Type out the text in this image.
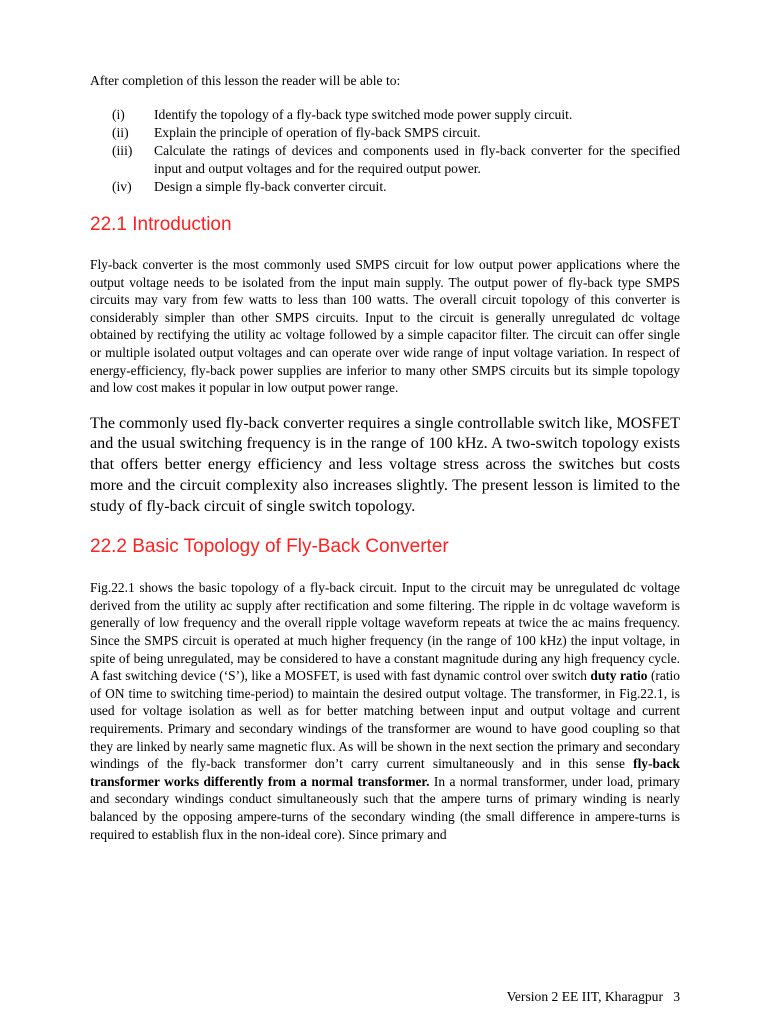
After completion of this lesson the reader will be able to:

(i)	Identify the topology of a fly-back type switched mode power supply circuit.
(ii)	Explain the principle of operation of fly-back SMPS circuit.
(iii)	Calculate the ratings of devices and components used in fly-back converter for the specified input and output voltages and for the required output power.
(iv)	Design a simple fly-back converter circuit.
22.1 Introduction

Fly-back converter is the most commonly used SMPS circuit for low output power applications where the output voltage needs to be isolated from the input main supply. The output power of fly-back type SMPS circuits may vary from few watts to less than 100 watts. The overall circuit topology of this converter is considerably simpler than other SMPS circuits. Input to the circuit is generally unregulated dc voltage obtained by rectifying the utility ac voltage followed by a simple capacitor filter. The circuit can offer single or multiple isolated output voltages and can operate over wide range of input voltage variation. In respect of energy-efficiency, fly-back power supplies are inferior to many other SMPS circuits but its simple topology and low cost makes it popular in low output power range.

The commonly used fly-back converter requires a single controllable switch like, MOSFET and the usual switching frequency is in the range of 100 kHz. A two-switch topology exists that offers better energy efficiency and less voltage stress across the switches but costs more and the circuit complexity also increases slightly. The present lesson is limited to the study of fly-back circuit of single switch topology.

22.2 Basic Topology of Fly-Back Converter

Fig.22.1 shows the basic topology of a fly-back circuit. Input to the circuit may be unregulated dc voltage derived from the utility ac supply after rectification and some filtering. The ripple in dc voltage waveform is generally of low frequency and the overall ripple voltage waveform repeats at twice the ac mains frequency. Since the SMPS circuit is operated at much higher frequency (in the range of 100 kHz) the input voltage, in spite of being unregulated, may be considered to have a constant magnitude during any high frequency cycle. A fast switching device (‘S’), like a MOSFET, is used with fast dynamic control over switch duty ratio (ratio of ON time to switching time-period) to maintain the desired output voltage. The transformer, in Fig.22.1, is used for voltage isolation as well as for better matching between input and output voltage and current requirements. Primary and secondary windings of the transformer are wound to have good coupling so that they are linked by nearly same magnetic flux. As will be shown in the next section the primary and secondary windings of the fly-back transformer don’t carry current simultaneously and in this sense fly-back transformer works differently from a normal transformer. In a normal transformer, under load, primary and secondary windings conduct simultaneously such that the ampere turns of primary winding is nearly balanced by the opposing ampere-turns of the secondary winding (the small difference in ampere-turns is required to establish flux in the non-ideal core). Since primary and

Version 2 EE IIT, Kharagpur 3
